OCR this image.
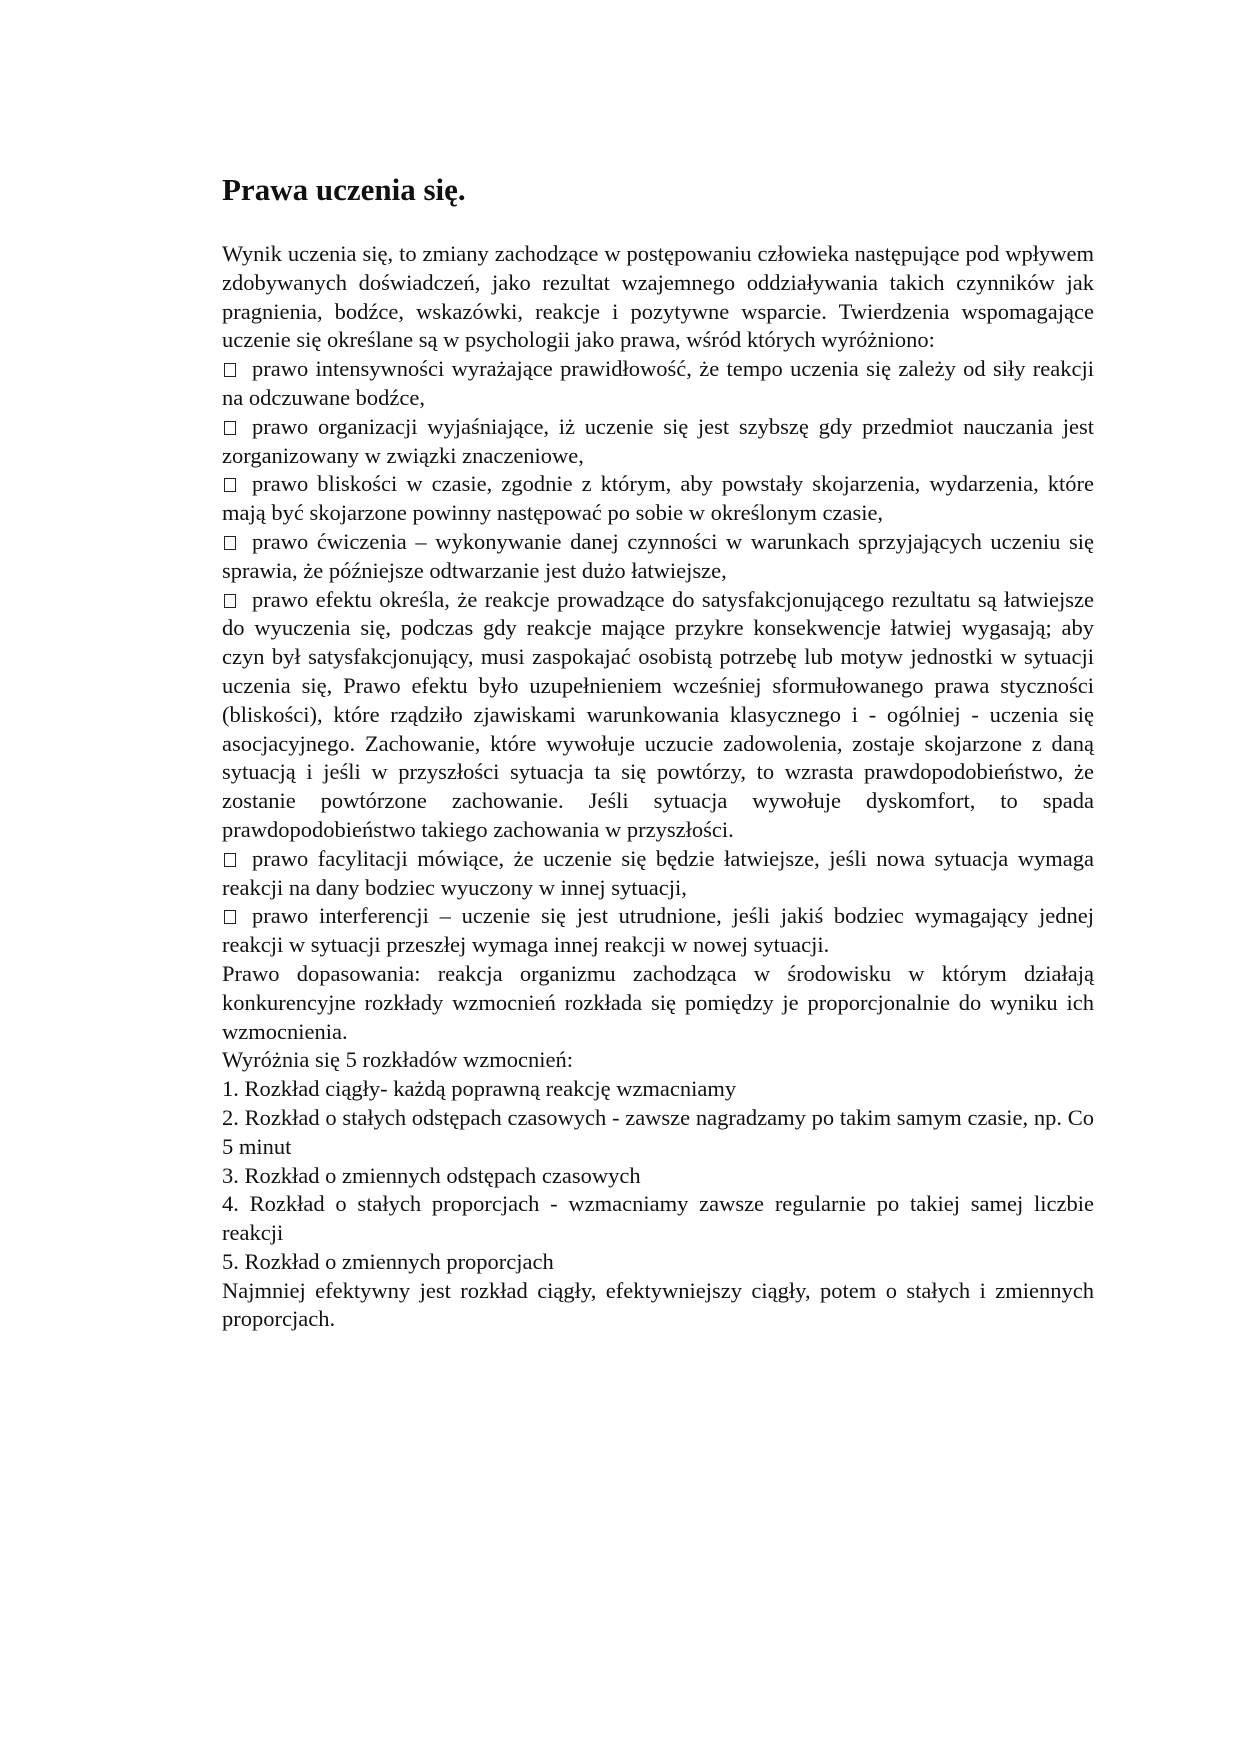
Prawa uczenia się.

Wynik uczenia się, to zmiany zachodzące w postępowaniu człowieka następujące pod wpływem zdobywanych doświadczeń, jako rezultat wzajemnego oddziaływania takich czynników jak pragnienia, bodźce, wskazówki, reakcje i pozytywne wsparcie. Twierdzenia wspomagające uczenie się określane są w psychologii jako prawa, wśród których wyróżniono:

prawo intensywności wyrażające prawidłowość, że tempo uczenia się zależy od siły reakcji na odczuwane bodźce,

prawo organizacji wyjaśniające, iż uczenie się jest szybszę gdy przedmiot nauczania jest zorganizowany w związki znaczeniowe,

prawo bliskości w czasie, zgodnie z którym, aby powstały skojarzenia, wydarzenia, które mają być skojarzone powinny następować po sobie w określonym czasie,

prawo ćwiczenia – wykonywanie danej czynności w warunkach sprzyjających uczeniu się sprawia, że późniejsze odtwarzanie jest dużo łatwiejsze,

prawo efektu określa, że reakcje prowadzące do satysfakcjonującego rezultatu są łatwiejsze do wyuczenia się, podczas gdy reakcje mające przykre konsekwencje łatwiej wygasają; aby czyn był satysfakcjonujący, musi zaspokajać osobistą potrzebę lub motyw jednostki w sytuacji uczenia się, Prawo efektu było uzupełnieniem wcześniej sformułowanego prawa styczności (bliskości), które rządziło zjawiskami warunkowania klasycznego i - ogólniej - uczenia się asocjacyjnego. Zachowanie, które wywołuje uczucie zadowolenia, zostaje skojarzone z daną sytuacją i jeśli w przyszłości sytuacja ta się powtórzy, to wzrasta prawdopodobieństwo, że zostanie powtórzone zachowanie. Jeśli sytuacja wywołuje dyskomfort, to spada prawdopodobieństwo takiego zachowania w przyszłości.

prawo facylitacji mówiące, że uczenie się będzie łatwiejsze, jeśli nowa sytuacja wymaga reakcji na dany bodziec wyuczony w innej sytuacji,

prawo interferencji – uczenie się jest utrudnione, jeśli jakiś bodziec wymagający jednej reakcji w sytuacji przeszłej wymaga innej reakcji w nowej sytuacji.

Prawo dopasowania: reakcja organizmu zachodząca w środowisku w którym działają konkurencyjne rozkłady wzmocnień rozkłada się pomiędzy je proporcjonalnie do wyniku ich wzmocnienia.

Wyróżnia się 5 rozkładów wzmocnień:

1. Rozkład ciągły- każdą poprawną reakcję wzmacniamy

2. Rozkład o stałych odstępach czasowych - zawsze nagradzamy po takim samym czasie, np. Co 5 minut

3. Rozkład o zmiennych odstępach czasowych

4. Rozkład o stałych proporcjach - wzmacniamy zawsze regularnie po takiej samej liczbie reakcji

5. Rozkład o zmiennych proporcjach

Najmniej efektywny jest rozkład ciągły, efektywniejszy ciągły, potem o stałych i zmiennych proporcjach.
